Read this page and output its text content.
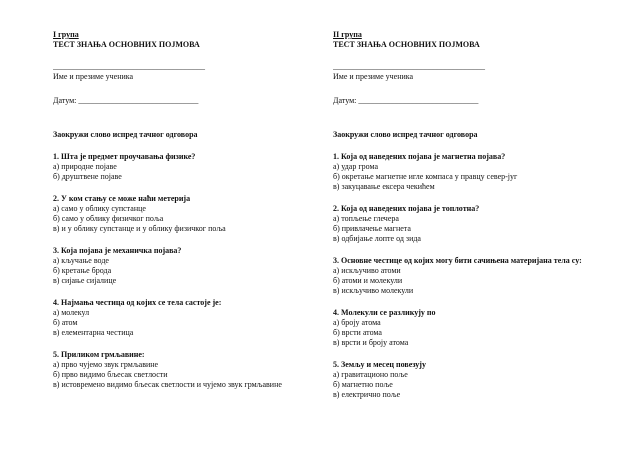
I група
ТЕСТ ЗНАЊА ОСНОВНИХ ПОЈМОВА
______________________________________
Име и презиме ученика
Датум: ______________________________
Заокружи слово испред тачног одговора
1. Шта је предмет проучавања физике?
а) природне појаве
б) друштвене појаве
2. У ком стању се може наћи метерија
а) само у облику супстанце
б) само у облику физичког поља
в) и у облику супстанце и у облику физичког поља
3. Која појава је механичка појава?
а) кључање воде
б) кретање брода
в) сијање сијалице
4. Најмања честица од којих се тела састоје је:
а) молекул
б) атом
в) елементарна честица
5. Приликом грмљавине:
а) прво чујемо звук грмљавине
б) прво видимо бљесак светлости
в) истовремено видимо бљесак светлости и чујемо звук грмљавине
II група
ТЕСТ ЗНАЊА ОСНОВНИХ ПОЈМОВА
______________________________________
Име и презиме ученика
Датум: ______________________________
Заокружи слово испред тачног одговора
1. Која од наведених појава је магнетна појава?
а) удар грома
б) окретање магнетне игле компаса у правцу север-југ
в) закуцавање ексера чекићем
2. Која од наведених појава је топлотна?
а) топљење глечера
б) привлачење магнета
в) одбијање лопте од зида
3. Основне честице од којих могу бити сачињена материјана тела су:
а) искључиво атоми
б) атоми и молекули
в) искључиво молекули
4. Молекули се разликују по
а) броју атома
б) врсти атома
в) врсти и броју атома
5. Земљу и месец повезују
а) гравитационо поље
б) магнетно поље
в) електрично поље
